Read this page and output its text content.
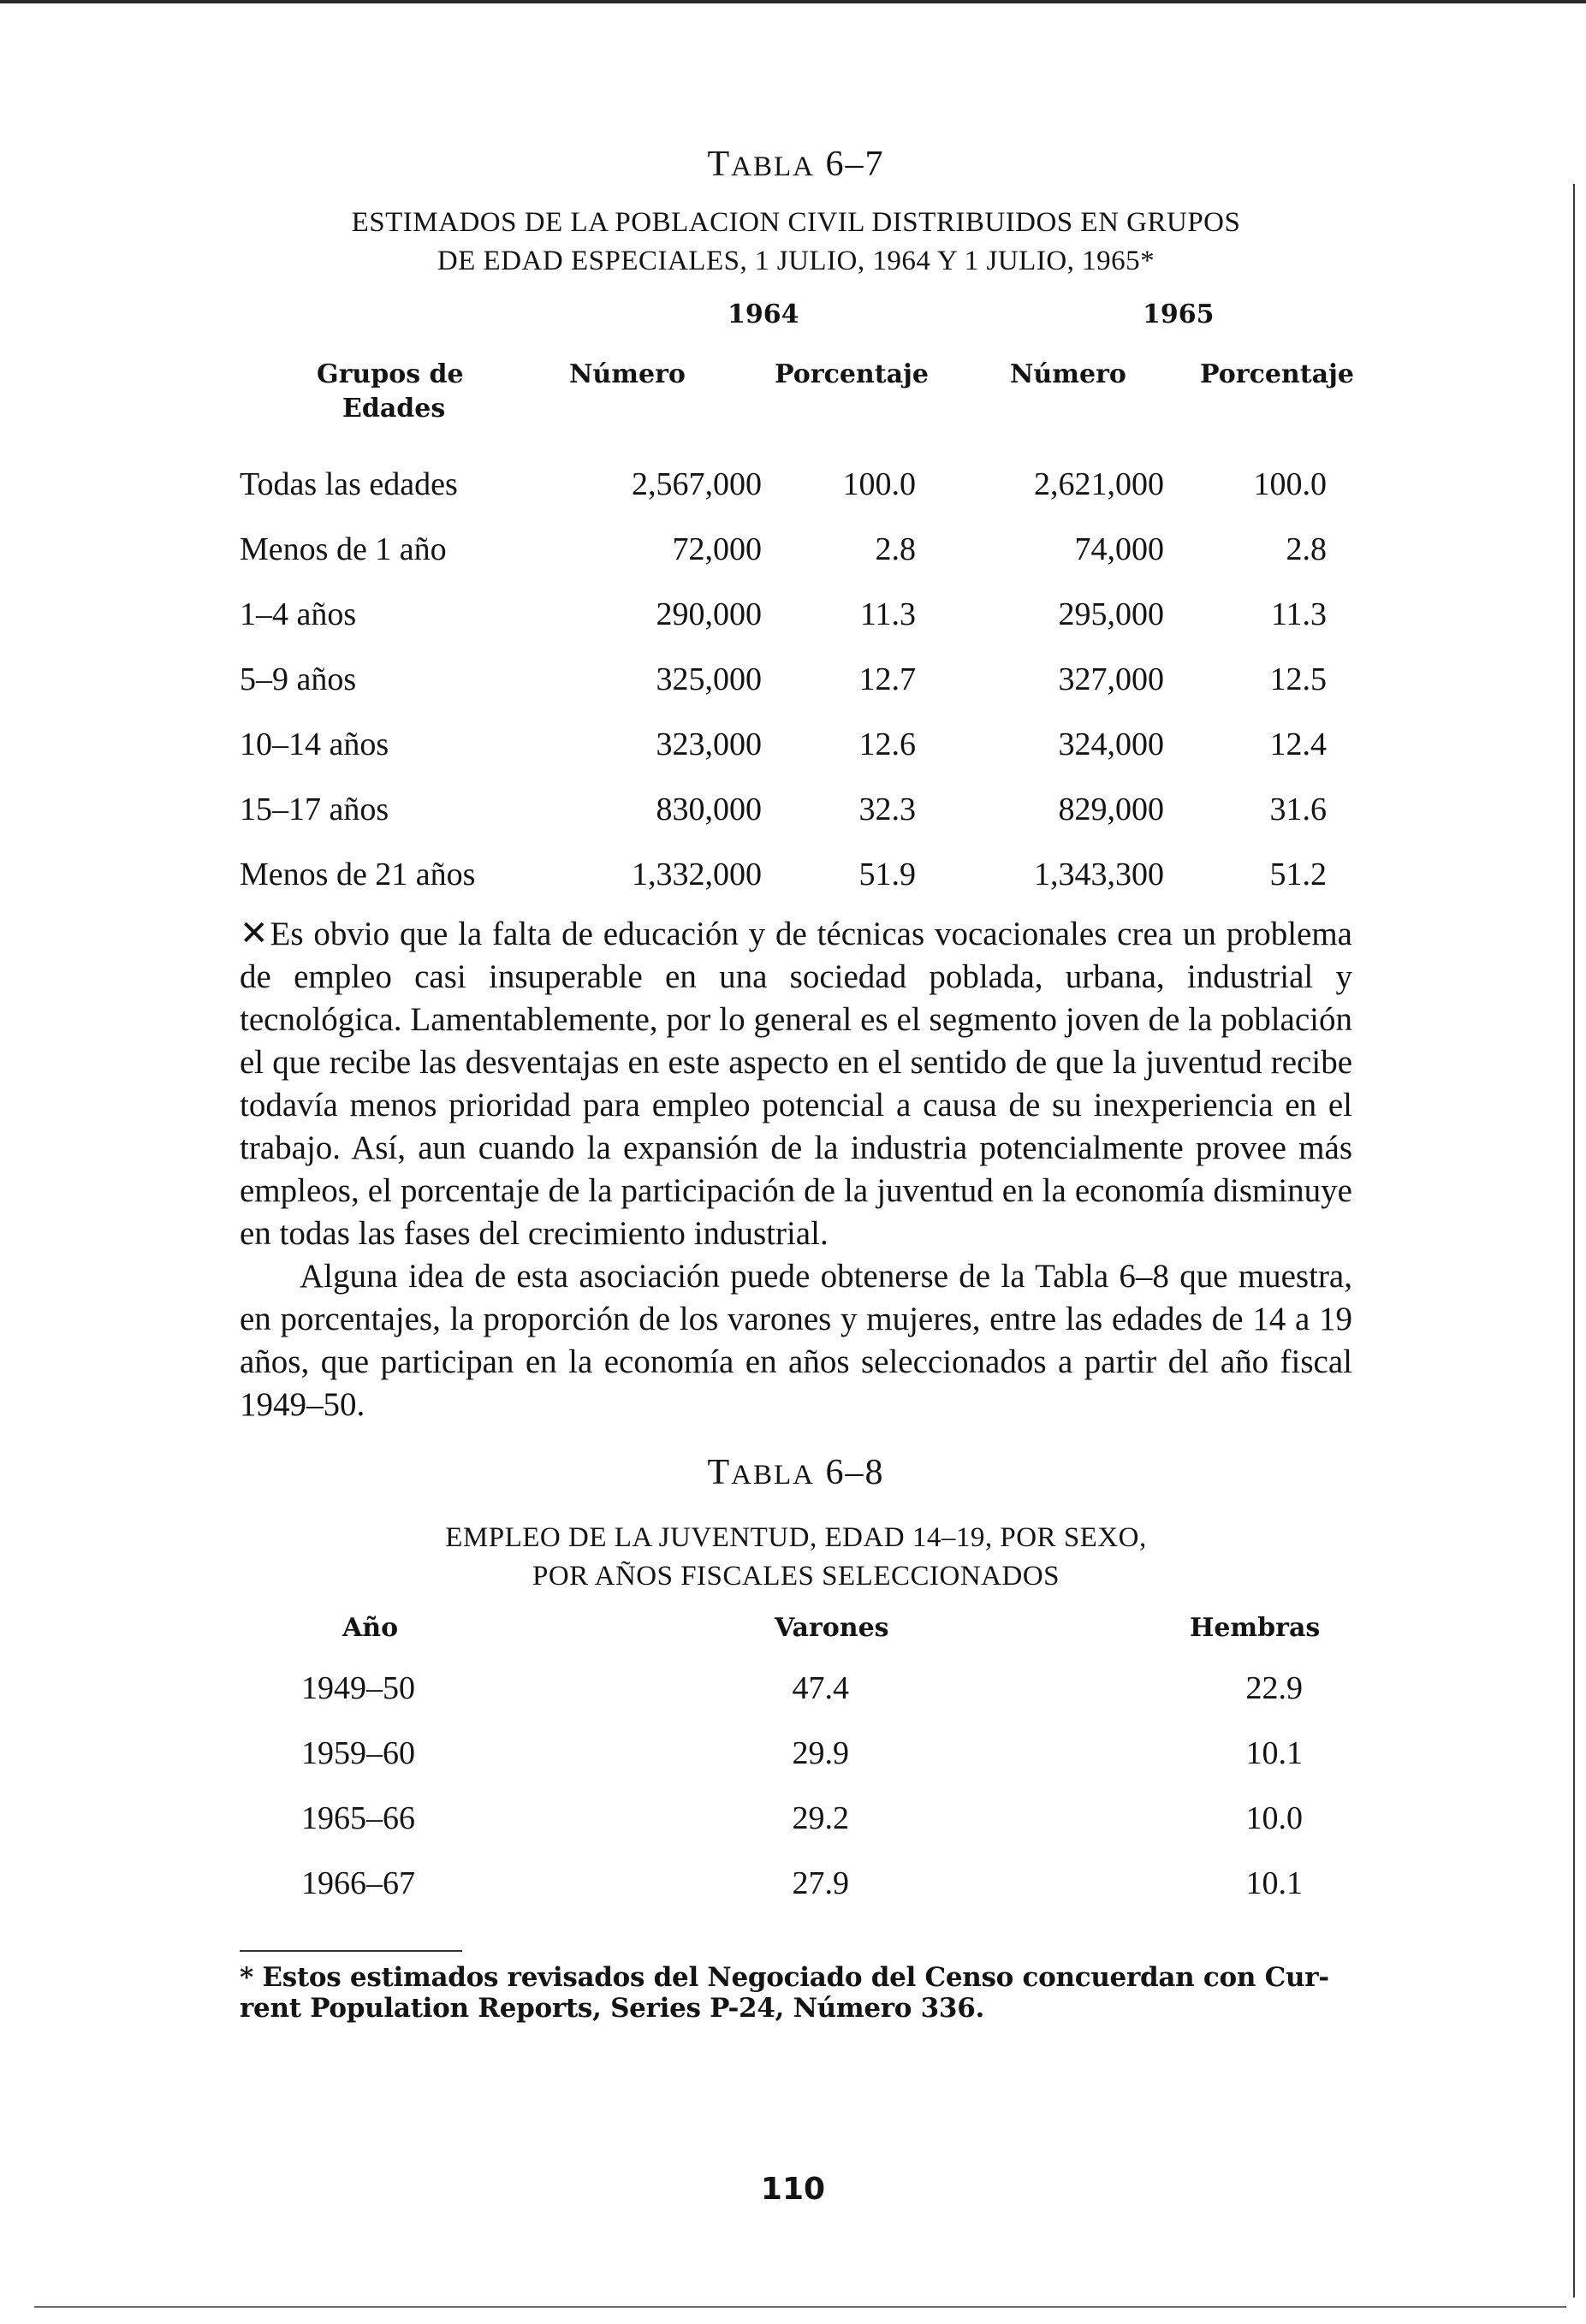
TABLA 6–7
ESTIMADOS DE LA POBLACION CIVIL DISTRIBUIDOS EN GRUPOS
DE EDAD ESPECIALES, 1 JULIO, 1964 Y 1 JULIO, 1965*
1964	1965
Grupos de
Edades
Número	Porcentaje	Número	Porcentaje
Todas las edades	2,567,000	100.0	2,621,000	100.0
Menos de 1 año	72,000	2.8	74,000	2.8
1–4 años	290,000	11.3	295,000	11.3
5–9 años	325,000	12.7	327,000	12.5
10–14 años	323,000	12.6	324,000	12.4
15–17 años	830,000	32.3	829,000	31.6
Menos de 21 años	1,332,000	51.9	1,343,300	51.2

✕Es obvio que la falta de educación y de técnicas vocacionales crea un problema de empleo casi insuperable en una sociedad poblada, urbana, industrial y tecnológica. Lamentablemente, por lo general es el segmento joven de la población el que recibe las desventajas en este aspecto en el sentido de que la juventud recibe todavía menos prioridad para empleo potencial a causa de su inexperiencia en el trabajo. Así, aun cuando la expansión de la industria potencialmente provee más empleos, el porcentaje de la participación de la juventud en la economía disminuye en todas las fases del crecimiento industrial.

Alguna idea de esta asociación puede obtenerse de la Tabla 6–8 que muestra, en porcentajes, la proporción de los varones y mujeres, entre las edades de 14 a 19 años, que participan en la economía en años seleccionados a partir del año fiscal 1949–50.

TABLA 6–8
EMPLEO DE LA JUVENTUD, EDAD 14–19, POR SEXO,
POR AÑOS FISCALES SELECCIONADOS
Año	Varones	Hembras
1949–50	47.4	22.9
1959–60	29.9	10.1
1965–66	29.2	10.0
1966–67	27.9	10.1
* Estos estimados revisados del Negociado del Censo concuerdan con Cur-
rent Population Reports, Series P-24, Número 336.
110
